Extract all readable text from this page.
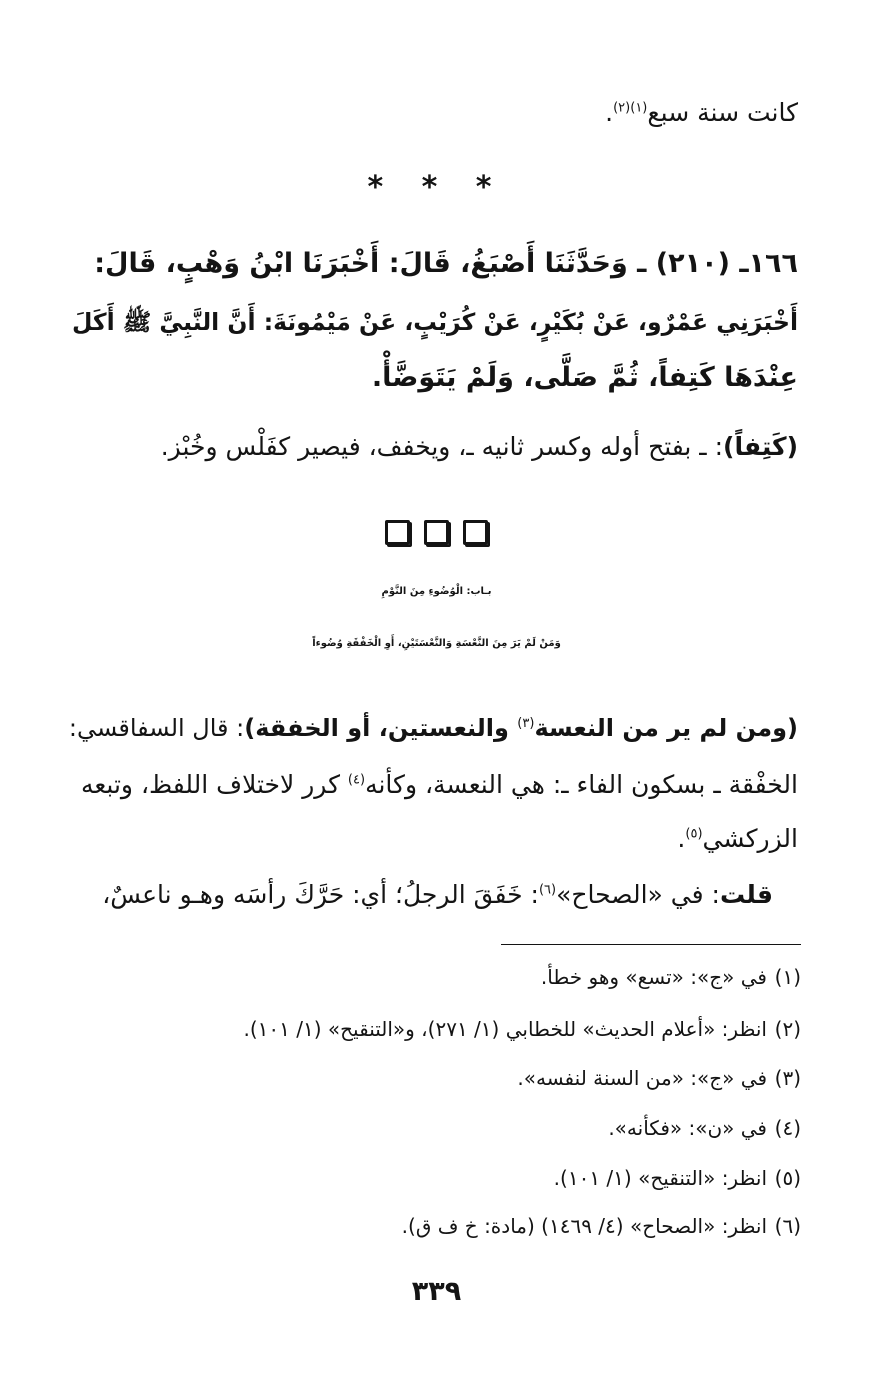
كانت سنة سبع$^{(١)(٢)}$.
* * *
١٦٦ـ (٢١٠) ـ وَحَدَّثَنَا أَصْبَغُ، قَالَ: أَخْبَرَنَا ابْنُ وَهْبٍ، قَالَ:
أَخْبَرَنِي عَمْرٌو، عَنْ بُكَيْرٍ، عَنْ كُرَيْبٍ، عَنْ مَيْمُونَةَ: أَنَّ النَّبِيَّ ﷺ أَكَلَ
عِنْدَهَا كَتِفاً، ثُمَّ صَلَّى، وَلَمْ يَتَوَضَّأْ.
(كَتِفاً): ـ بفتح أوله وكسر ثانيه ـ، ويخفف، فيصير كفَلْس وخُبْز.
بـاب: الْوُضُوءِ مِنَ النَّوْمِ
وَمَنْ لَمْ يَرَ مِنَ النَّعْسَةِ وَالنَّعْسَتَيْنِ، أَوِ الْخَفْقَةِ وُضُوءاً
(ومن لم ير من النعسة$^{(٣)}$ والنعستين، أو الخفقة): قال السفاقسي:
الخفْقة ـ بسكون الفاء ـ: هي النعسة، وكأنه$^{(٤)}$ كرر لاختلاف اللفظ، وتبعه
الزركشي$^{(٥)}$.
قلت: في «الصحاح»$^{(٦)}$: خَفَقَ الرجلُ؛ أي: حَرَّكَ رأسَه وهـو ناعسٌ،
(١)في «ج»: «تسع» وهو خطأ.
(٢)انظر: «أعلام الحديث» للخطابي (١/ ٢٧١)، و«التنقيح» (١/ ١٠١).
(٣)في «ج»: «من السنة لنفسه».
(٤)في «ن»: «فكأنه».
(٥)انظر: «التنقيح» (١/ ١٠١).
(٦)انظر: «الصحاح» (٤/ ١٤٦٩) (مادة: خ ف ق).
٣٣٩
